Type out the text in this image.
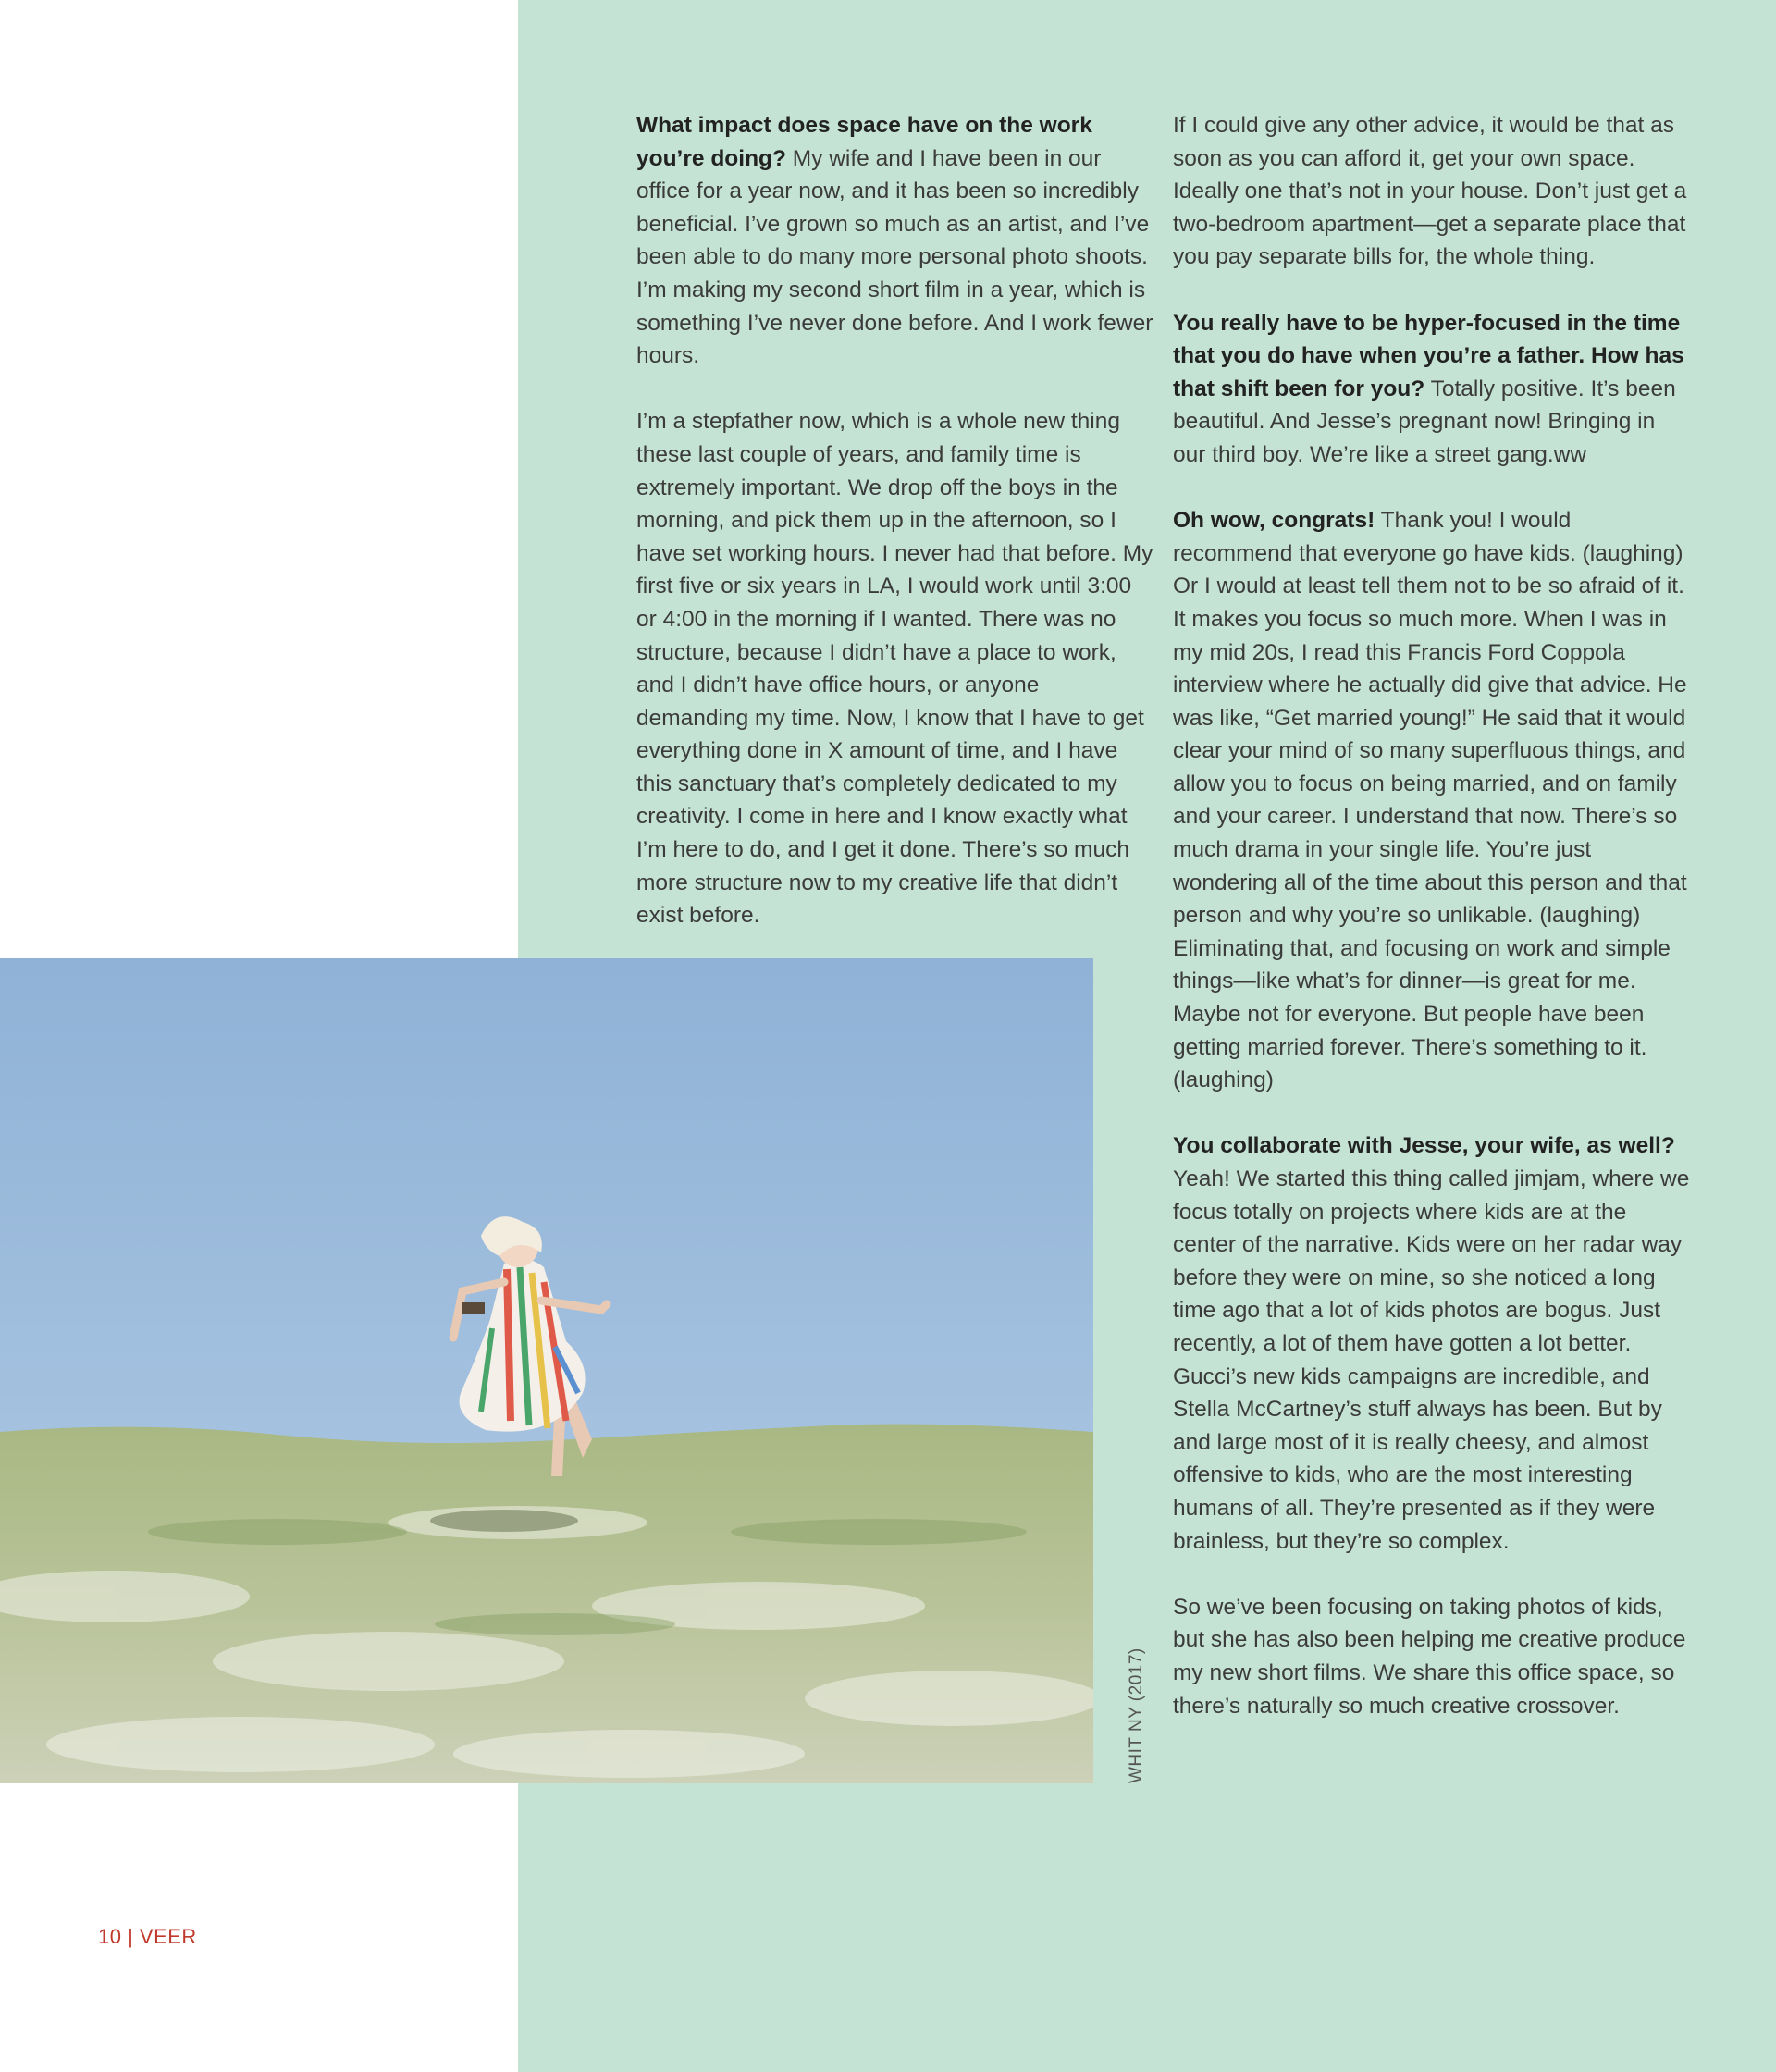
What impact does space have on the work you’re doing? My wife and I have been in our office for a year now, and it has been so incredibly beneficial. I’ve grown so much as an artist, and I’ve been able to do many more personal photo shoots. I’m making my second short film in a year, which is something I’ve never done before. And I work fewer hours.

I’m a stepfather now, which is a whole new thing these last couple of years, and family time is extremely important. We drop off the boys in the morning, and pick them up in the afternoon, so I have set working hours. I never had that before. My first five or six years in LA, I would work until 3:00 or 4:00 in the morning if I wanted. There was no structure, because I didn’t have a place to work, and I didn’t have office hours, or anyone demanding my time. Now, I know that I have to get everything done in X amount of time, and I have this sanctuary that’s completely dedicated to my creativity. I come in here and I know exactly what I’m here to do, and I get it done. There’s so much more structure now to my creative life that didn’t exist before.

If I could give any other advice, it would be that as soon as you can afford it, get your own space. Ideally one that’s not in your house. Don’t just get a two-bedroom apartment—get a separate place that you pay separate bills for, the whole thing.

You really have to be hyper-focused in the time that you do have when you’re a father. How has that shift been for you? Totally positive. It’s been beautiful. And Jesse’s pregnant now! Bringing in our third boy. We’re like a street gang.ww

Oh wow, congrats! Thank you! I would recommend that everyone go have kids. (laughing) Or I would at least tell them not to be so afraid of it. It makes you focus so much more. When I was in my mid 20s, I read this Francis Ford Coppola interview where he actually did give that advice. He was like, “Get married young!” He said that it would clear your mind of so many superfluous things, and allow you to focus on being married, and on family and your career. I understand that now. There’s so much drama in your single life. You’re just wondering all of the time about this person and that person and why you’re so unlikable. (laughing) Eliminating that, and focusing on work and simple things—like what’s for dinner—is great for me. Maybe not for everyone. But people have been getting married forever. There’s something to it. (laughing)

You collaborate with Jesse, your wife, as well? Yeah! We started this thing called jimjam, where we focus totally on projects where kids are at the center of the narrative. Kids were on her radar way before they were on mine, so she noticed a long time ago that a lot of kids photos are bogus. Just recently, a lot of them have gotten a lot better. Gucci’s new kids campaigns are incredible, and Stella McCartney’s stuff always has been. But by and large most of it is really cheesy, and almost offensive to kids, who are the most interesting humans of all. They’re presented as if they were brainless, but they’re so complex.

So we’ve been focusing on taking photos of kids, but she has also been helping me creative produce my new short films. We share this office space, so there’s naturally so much creative crossover.

WHIT NY (2017)
10 | VEER
